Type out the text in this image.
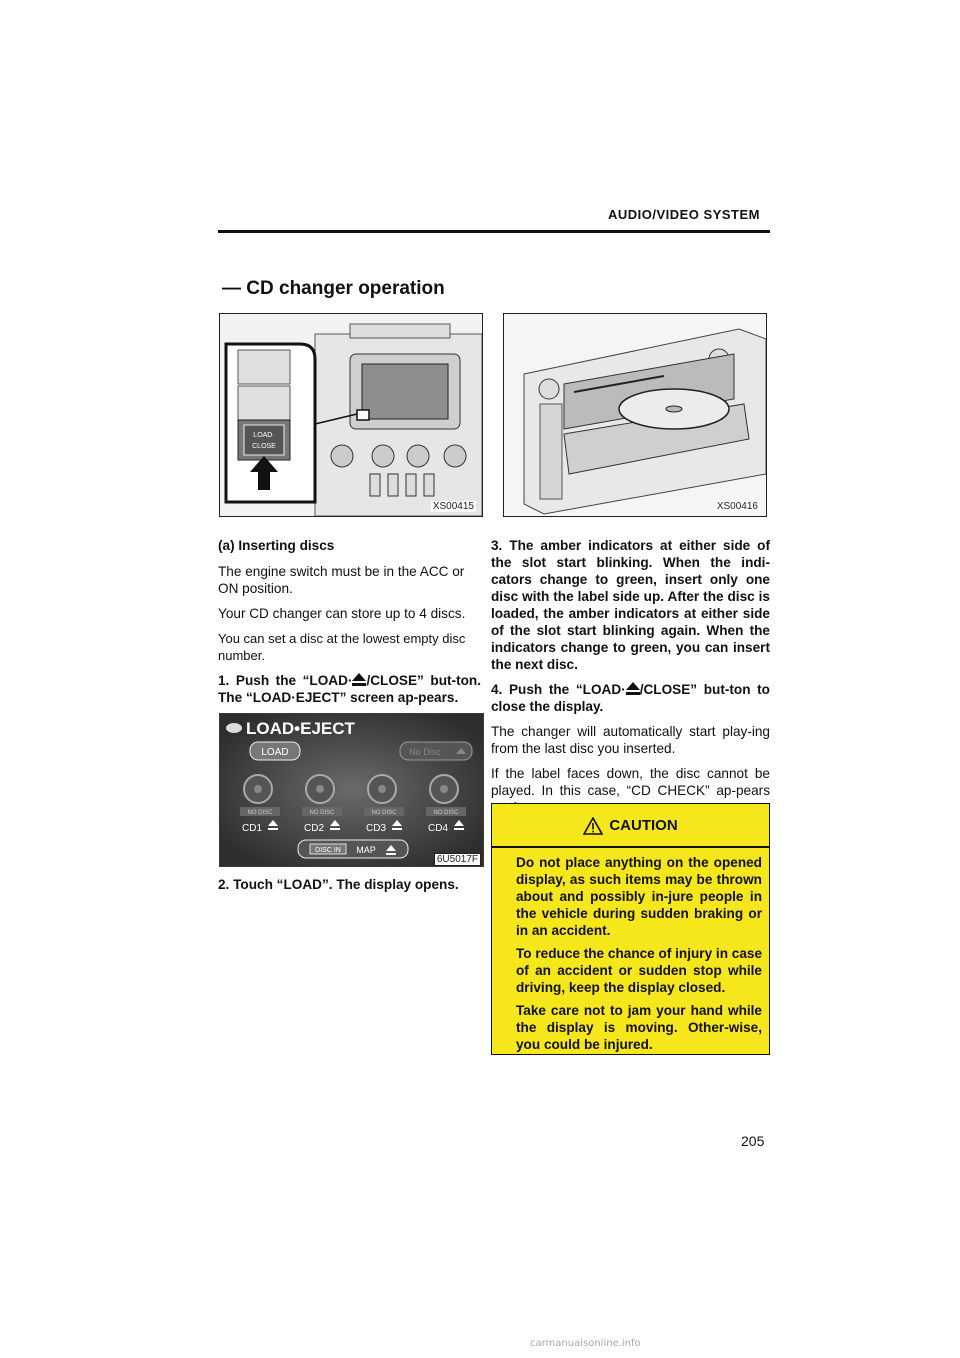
AUDIO/VIDEO SYSTEM
— CD changer operation
LOAD·
CLOSE
XS00415	XS00416

(a) Inserting discs

The engine switch must be in the ACC or ON position.

Your CD changer can store up to 4 discs.

You can set a disc at the lowest empty disc number.

1. Push the “LOAD· /CLOSE” but-ton. The “LOAD·EJECT” screen ap-pears.

LOAD•EJECT
LOAD	No Disc
NO DISC
CD1
NO DISC
CD2
NO DISC
CD3
NO DISC
CD4
DISC IN MAP
6U5017F
2. Touch “LOAD”. The display opens.

3. The amber indicators at either side of the slot start blinking. When the indi-cators change to green, insert only one disc with the label side up. After the disc is loaded, the amber indicators at either side of the slot start blinking again. When the indicators change to green, you can insert the next disc.

4. Push the “LOAD· /CLOSE” but-ton to close the display.

The changer will automatically start play-ing from the last disc you inserted.

If the label faces down, the disc cannot be played. In this case, “CD CHECK” ap-pears

CAUTION
Do not place anything on the opened display, as such items may be thrown about and possibly in-jure people in the vehicle during sudden braking or in an accident.
To reduce the chance of injury in case of an accident or sudden stop while driving, keep the display closed.
Take care not to jam your hand while the display is moving. Other-wise, you could be injured.
205
carmanualsonline.info
